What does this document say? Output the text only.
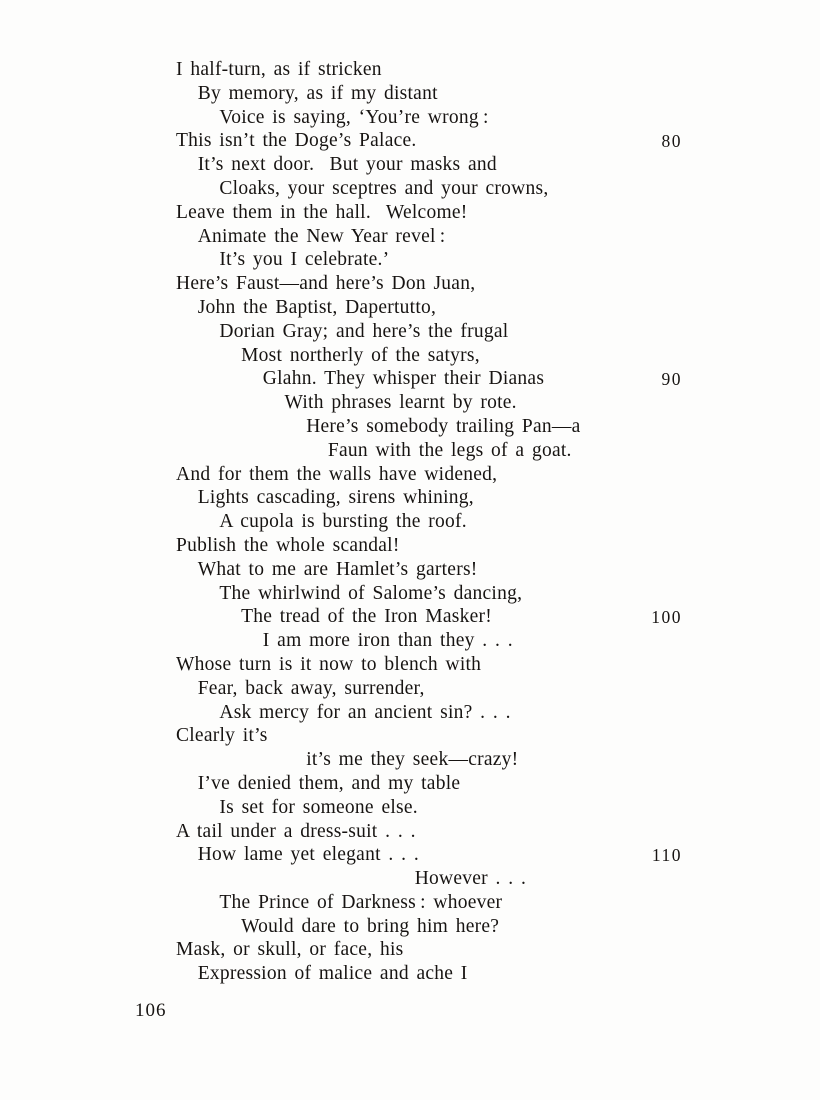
I half-turn, as if stricken
By memory, as if my distant
Voice is saying, ‘You’re wrong :
This isn’t the Doge’s Palace.	80
It’s next door.  But your masks and
Cloaks, your sceptres and your crowns,
Leave them in the hall.  Welcome!
Animate the New Year revel :
It’s you I celebrate.’
Here’s Faust—and here’s Don Juan,
John the Baptist, Dapertutto,
Dorian Gray; and here’s the frugal
Most northerly of the satyrs,
Glahn. They whisper their Dianas	90
With phrases learnt by rote.
Here’s somebody trailing Pan—a
Faun with the legs of a goat.
And for them the walls have widened,
Lights cascading, sirens whining,
A cupola is bursting the roof.
Publish the whole scandal!
What to me are Hamlet’s garters!
The whirlwind of Salome’s dancing,
The tread of the Iron Masker!	100
I am more iron than they . . .
Whose turn is it now to blench with
Fear, back away, surrender,
Ask mercy for an ancient sin? . . .
Clearly it’s
it’s me they seek—crazy!
I’ve denied them, and my table
Is set for someone else.
A tail under a dress-suit . . .
How lame yet elegant . . .	110
However . . .
The Prince of Darkness : whoever
Would dare to bring him here?
Mask, or skull, or face, his
Expression of malice and ache I
106
